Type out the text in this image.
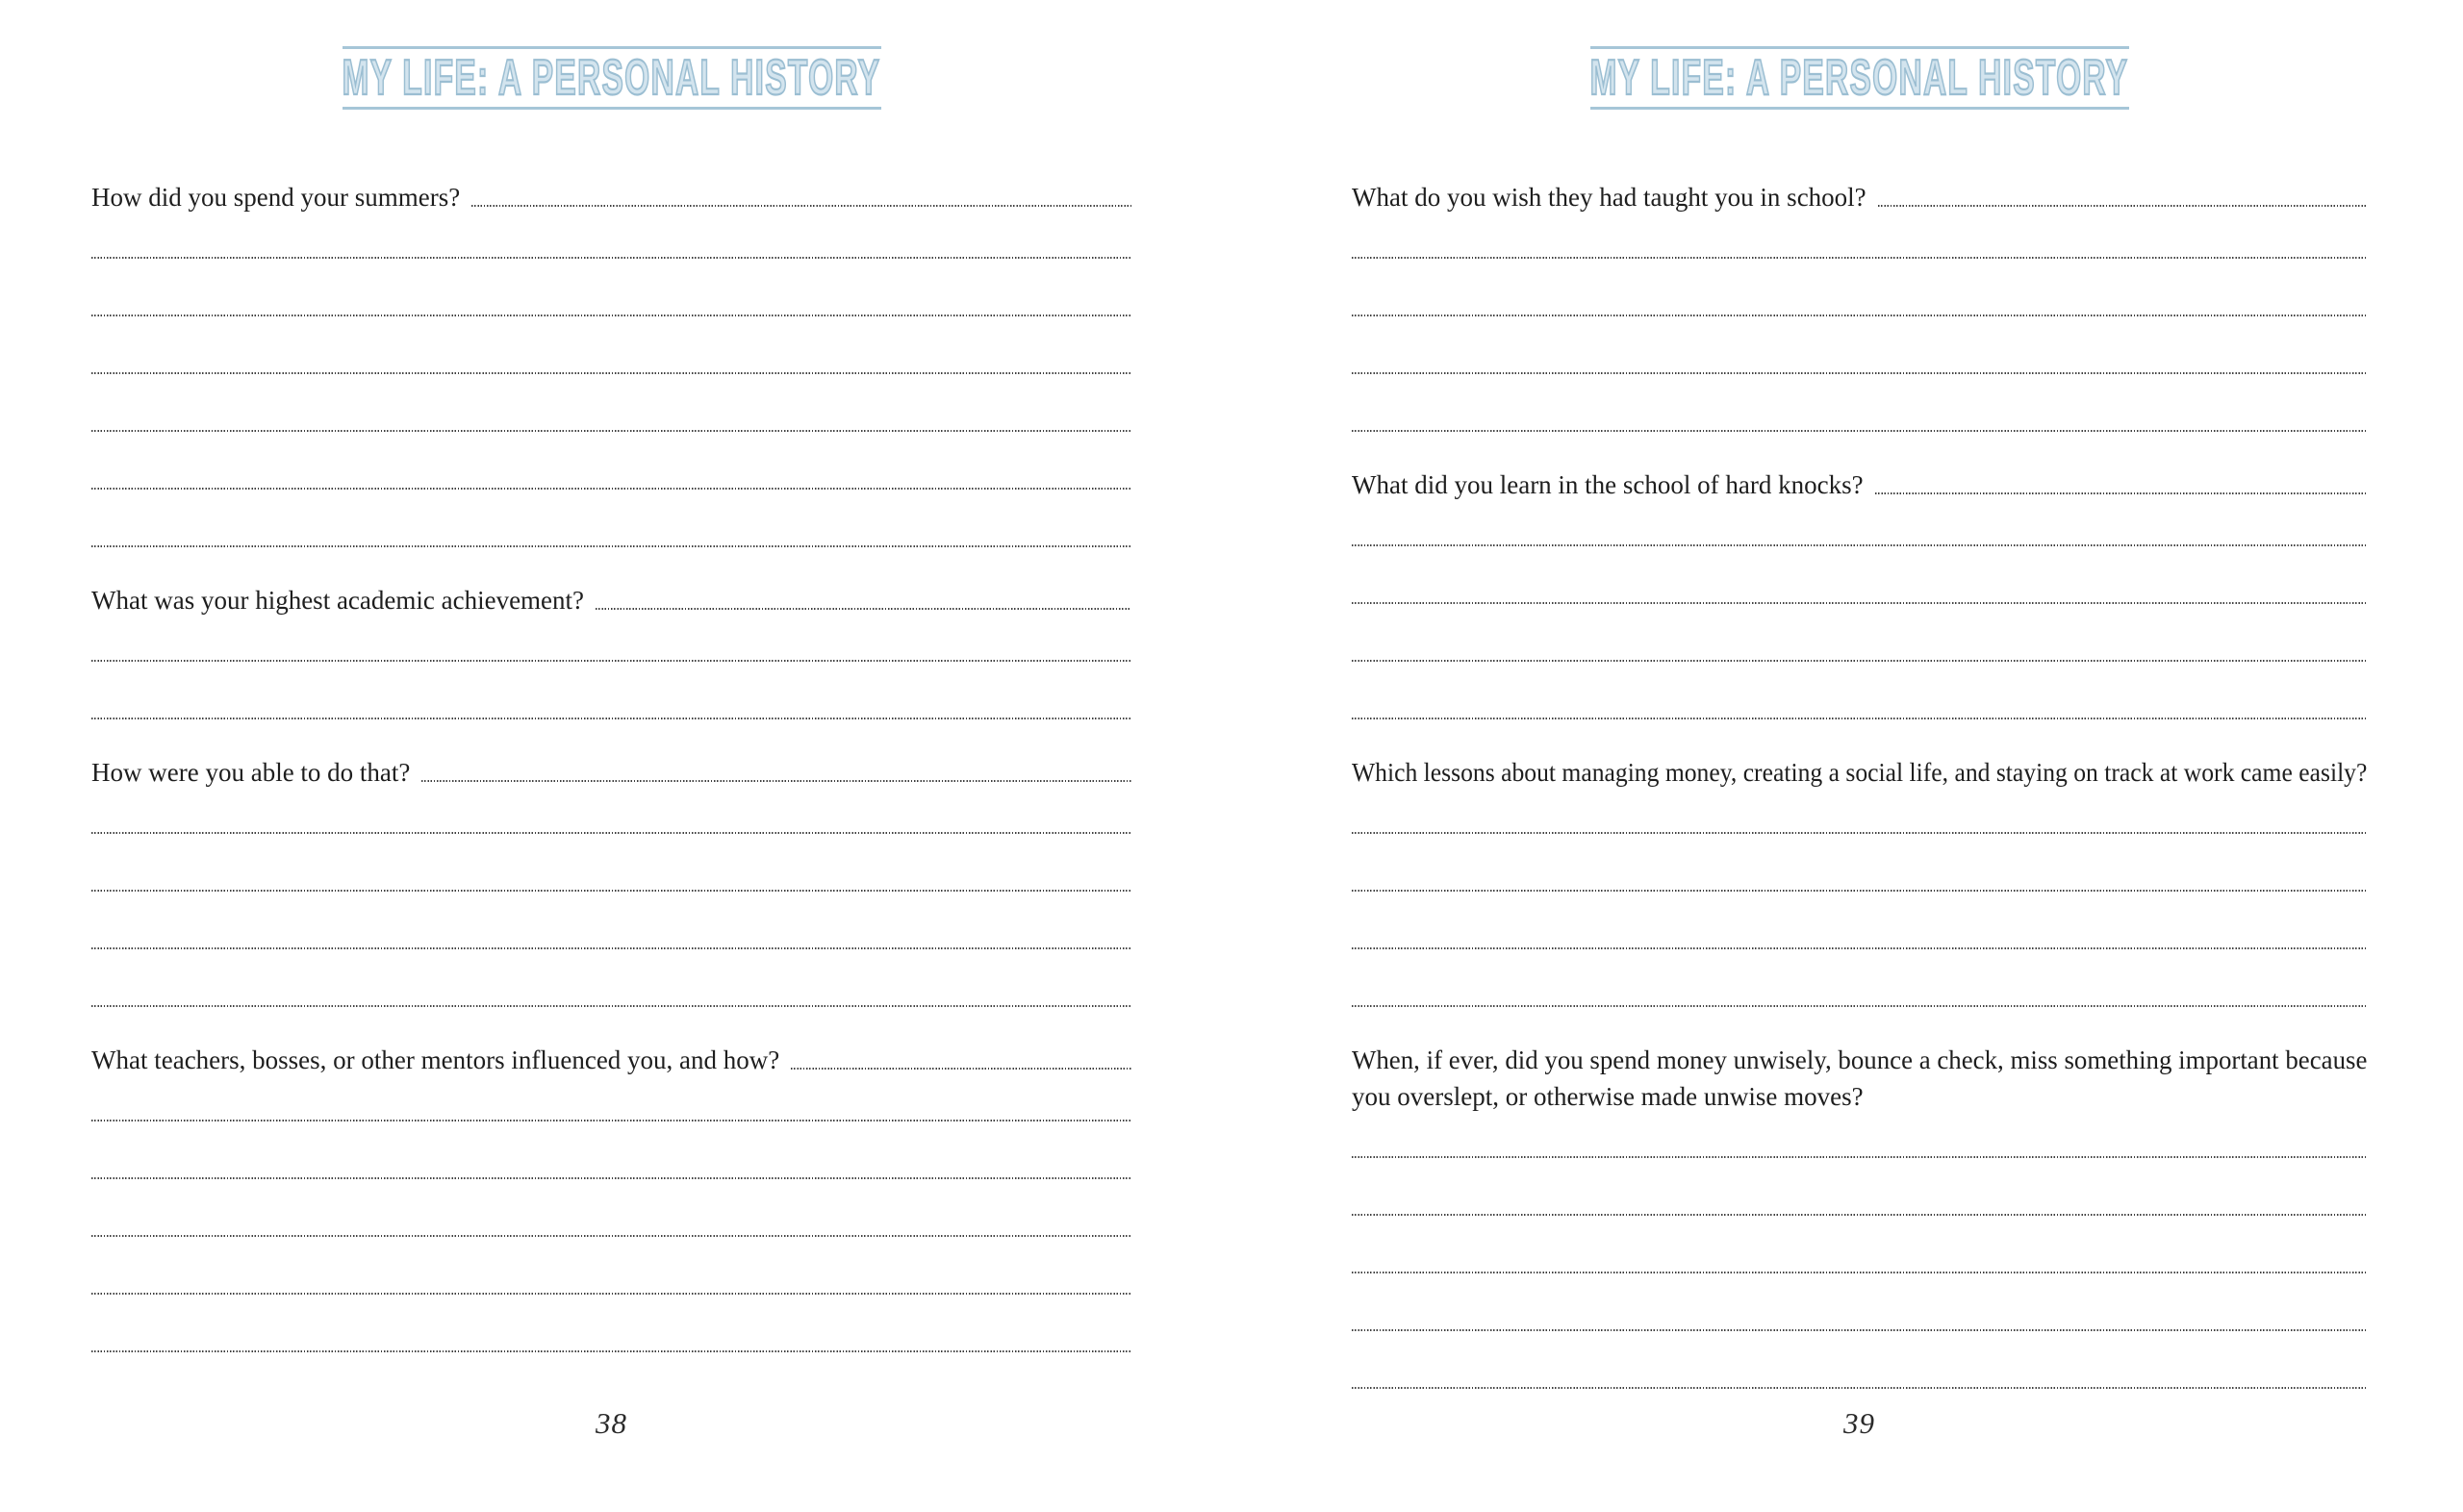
MY LIFE: A PERSONAL HISTORY
How did you spend your summers?
What was your highest academic achievement?
How were you able to do that?
What teachers, bosses, or other mentors influenced you, and how?
38
MY LIFE: A PERSONAL HISTORY
What do you wish they had taught you in school?
What did you learn in the school of hard knocks?
Which lessons about managing money, creating a social life, and staying on track at work came easily?
When, if ever, did you spend money unwisely, bounce a check, miss something important because
you overslept, or otherwise made unwise moves?
39
